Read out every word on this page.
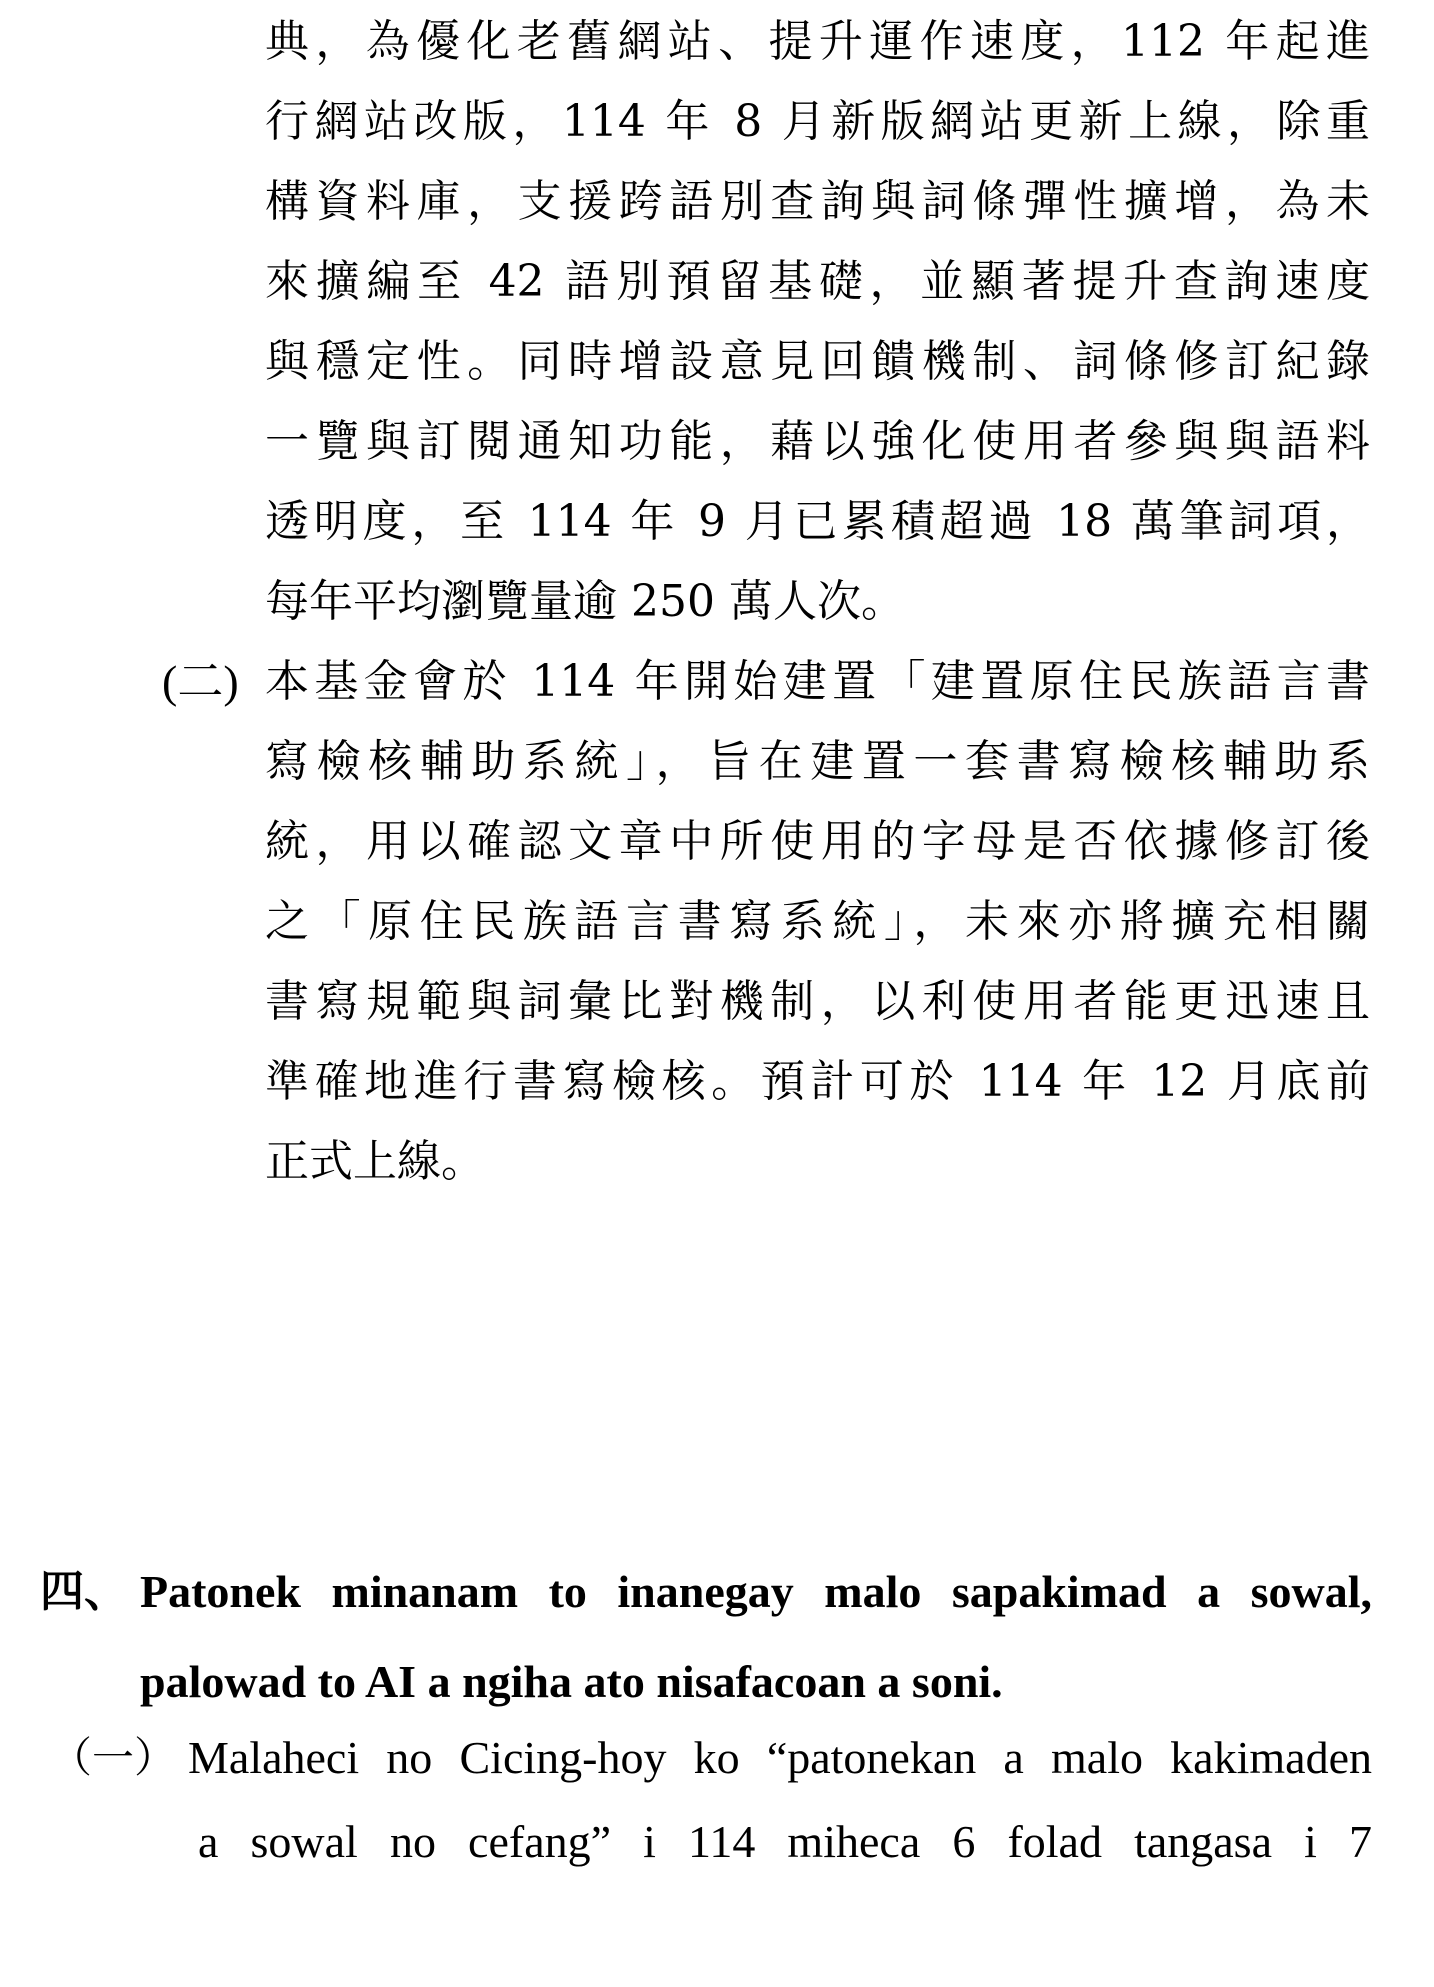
典，為優化老舊網站、提升運作速度，112 年起進
行網站改版，114 年 8 月新版網站更新上線，除重
構資料庫，支援跨語別查詢與詞條彈性擴增，為未
來擴編至 42 語別預留基礎，並顯著提升查詢速度
與穩定性。同時增設意見回饋機制、詞條修訂紀錄
一覽與訂閱通知功能，藉以強化使用者參與與語料
透明度，至 114 年 9 月已累積超過 18 萬筆詞項，
每年平均瀏覽量逾 250 萬人次。
(二) 本基金會於 114 年開始建置「建置原住民族語言書
寫檢核輔助系統」，旨在建置一套書寫檢核輔助系
統，用以確認文章中所使用的字母是否依據修訂後
之「原住民族語言書寫系統」，未來亦將擴充相關
書寫規範與詞彙比對機制，以利使用者能更迅速且
準確地進行書寫檢核。預計可於 114 年 12 月底前
正式上線。
四、 Patonek minanam to inanegay malo sapakimad a sowal,
palowad to AI a ngiha ato nisafacoan a soni.
（一） Malaheci no Cicing-hoy ko “patonekan a malo kakimaden
a sowal no cefang” i 114 miheca 6 folad tangasa i 7
